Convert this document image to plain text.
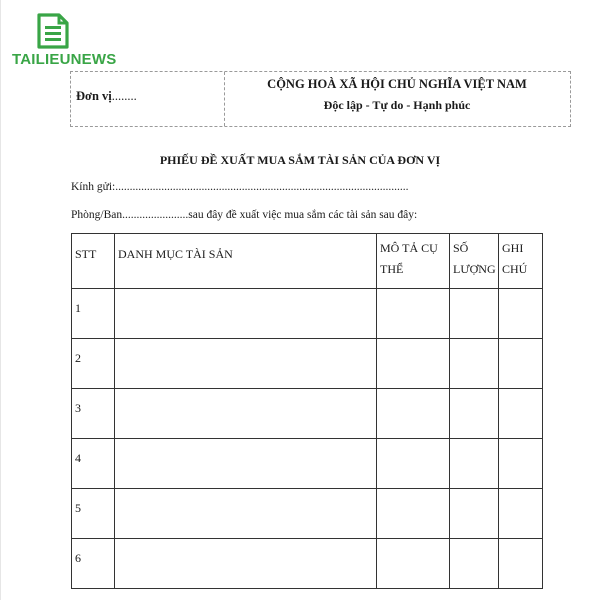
TAILIEUNEWS
Đơn vị........
CỘNG HOÀ XÃ HỘI CHỦ NGHĨA VIỆT NAM
Độc lập - Tự do - Hạnh phúc
PHIẾU ĐỀ XUẤT MUA SẮM TÀI SẢN CỦA ĐƠN VỊ
Kính gửi:......................................................................................................
Phòng/Ban.......................sau đây đề xuất việc mua sắm các tài sản sau đây:
STT	DANH MỤC TÀI SẢN	MÔ TẢ CỤ THỂ	SỐ LƯỢNG	GHI CHÚ

1				

2				

3				

4				

5				

6				
